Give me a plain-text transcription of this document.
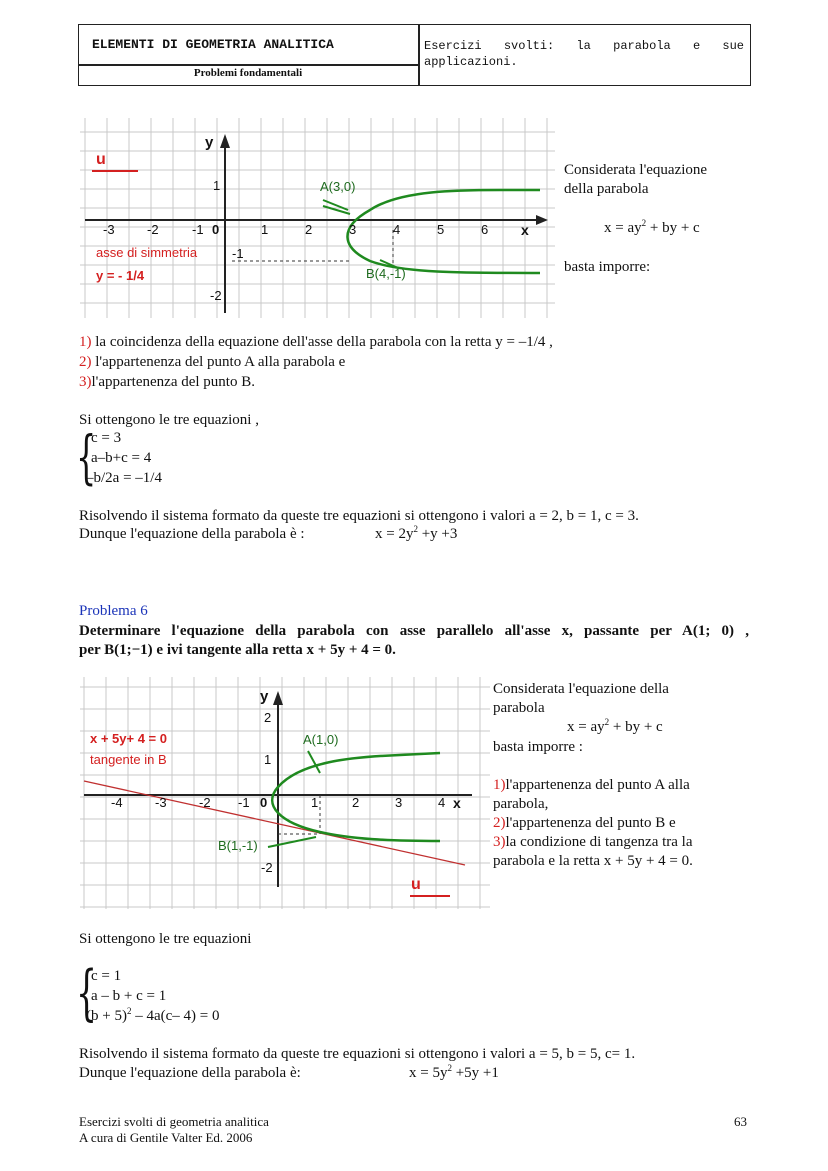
ELEMENTI DI GEOMETRIA ANALITICA
Problemi fondamentali
Esercizi svolti: la parabola e sue applicazioni.
u
y
x
1
-1
-2
-3 -2	-1 0	1	2	3	4	5	6
A(3,0)
B(4,-1)
asse di simmetria
y = - 1/4
Considerata l'equazione
della parabola
$x = ay^2$ + by + c
basta imporre:
1) la coincidenza della equazione dell'asse della parabola con la retta y = –1/4 ,
2) l'appartenenza del punto A alla parabola e
3)l'appartenenza del punto B.
Si ottengono le tre equazioni ,
{
c = 3
a–b+c = 4
–b/2a = –1/4
Risolvendo il sistema formato da queste tre equazioni si ottengono i valori a = 2, b = 1, c = 3.
Dunque l'equazione della parabola è :	$x = 2y^2 +y +3$
Problema 6
Determinare l'equazione della parabola con asse parallelo all'asse x, passante per A(1; 0) ,
per B(1;−1) e ivi tangente alla retta x + 5y + 4 = 0.
y
x
2
1
-2
-4 -3 -2 -1 0	1	2	3	4
x + 5y+ 4 = 0
tangente in B
A(1,0)
B(1,-1)
u
Considerata l'equazione della
parabola
$x = ay^2$ + by + c
basta imporre :
1)l'appartenenza del punto A alla
parabola,
2)l'appartenenza del punto B e
3)la condizione di tangenza tra la
parabola e la retta x + 5y + 4 = 0.
Si ottengono le tre equazioni
{
c = 1
a – b + c = 1
$(b + 5)^2 - 4a(c-$ 4) = 0
Risolvendo il sistema formato da queste tre equazioni si ottengono i valori a = 5, b = 5, c= 1.
Dunque l'equazione della parabola è:	$x = 5y^2 +5y +1$
Esercizi svolti di geometria analitica
A cura di Gentile Valter Ed. 2006
63
